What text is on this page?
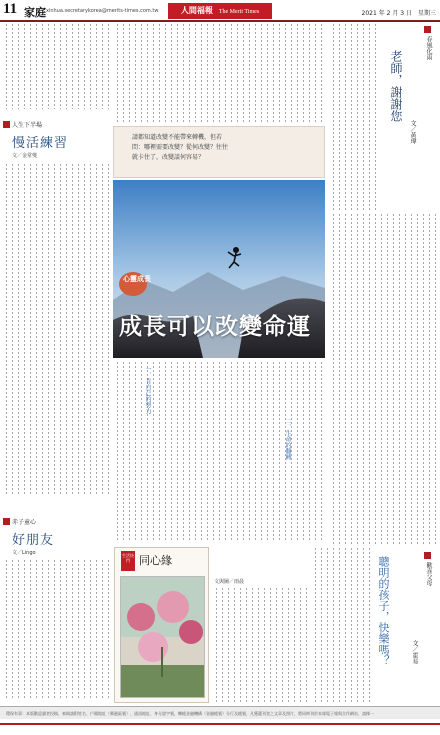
11 家庭 xinhua.secretarykorea@merits-times.com.tw	人間福報 The Merit Times	2021 年 2 月 3 日　星期三
人生下半場
慢活練習
文／金常燮
赤子童心
好朋友
文／Lingo

請都知道改變不能帶來轉機，但若

問：哪裡需要改變？從何改變？往往

就卡住了，改變談何容易？

心靈成長
成長可以改變命運
圖／取自網路
一、肯自己的努力
二、生命的翻轉
生活快門 同心緣
文與圖／雨晨
老師，謝謝您
春風化雨
文／黃瑋
聰明的孩子，快樂嗎？	歡喜父母
文／霍易

環保有事：本版歡迎讀者投稿，來稿請附姓名、戶籍地址（郵遞區號）、通訊地址、身分證字號、轉帳金融機構（金融帳號）分行及帳號，凡獲選刊登之文章及照片，將同時刊於本報電子報與合作網站，請擇一
